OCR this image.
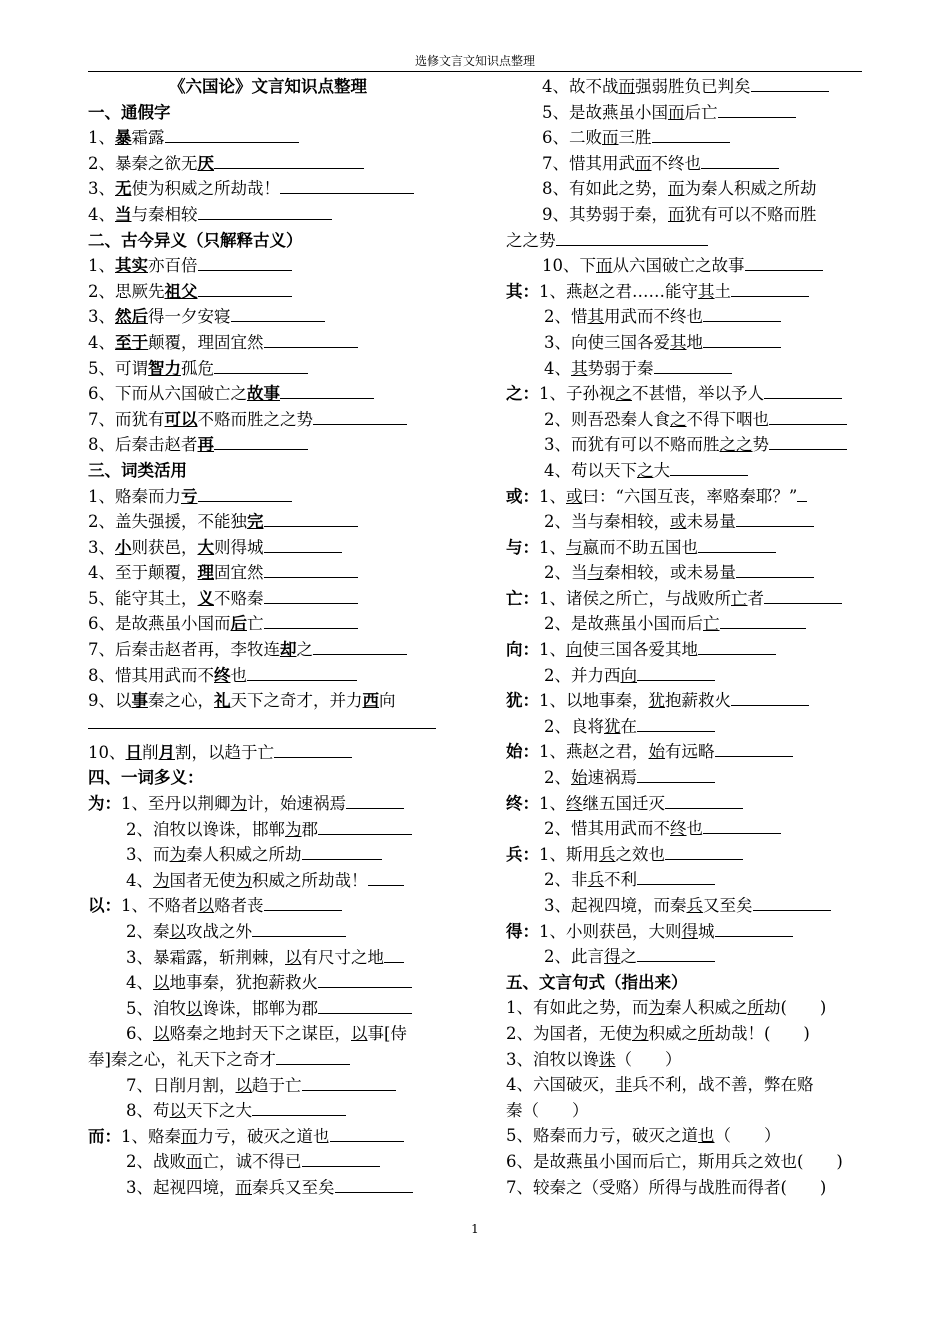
选修文言文知识点整理
《六国论》文言知识点整理
一、通假字
1、暴霜露
2、暴秦之欲无厌
3、无使为积威之所劫哉！
4、当与秦相较
二、古今异义（只解释古义）
1、其实亦百倍
2、思厥先祖父
3、然后得一夕安寝
4、至于颠覆，理固宜然
5、可谓智力孤危
6、下而从六国破亡之故事
7、而犹有可以不赂而胜之之势
8、后秦击赵者再
三、词类活用
1、赂秦而力亏
2、盖失强援，不能独完
3、小则获邑，大则得城
4、至于颠覆，理固宜然
5、能守其土，义不赂秦
6、是故燕虽小国而后亡
7、后秦击赵者再，李牧连却之
8、惜其用武而不终也
9、以事秦之心，礼天下之奇才，并力西向
10、日削月割，以趋于亡
四、一词多义：
为：1、至丹以荆卿为计，始速祸焉
2、洎牧以谗诛，邯郸为郡
3、而为秦人积威之所劫
4、为国者无使为积威之所劫哉！
以：1、不赂者以赂者丧
2、秦以攻战之外
3、暴霜露，斩荆棘，以有尺寸之地
4、以地事秦，犹抱薪救火
5、洎牧以谗诛，邯郸为郡
6、以赂秦之地封天下之谋臣，以事[侍
奉]秦之心，礼天下之奇才
7、日削月割，以趋于亡
8、苟以天下之大
而：1、赂秦而力亏，破灭之道也
2、战败而亡，诚不得已
3、起视四境，而秦兵又至矣
4、故不战而强弱胜负已判矣
5、是故燕虽小国而后亡
6、二败而三胜
7、惜其用武而不终也
8、有如此之势，而为秦人积威之所劫
9、其势弱于秦，而犹有可以不赂而胜
之之势
10、下而从六国破亡之故事
其：1、燕赵之君……能守其土
2、惜其用武而不终也
3、向使三国各爱其地
4、其势弱于秦
之：1、子孙视之不甚惜，举以予人
2、则吾恐秦人食之不得下咽也
3、而犹有可以不赂而胜之之势
4、苟以天下之大
或：1、或曰：“六国互丧，率赂秦耶？”
2、当与秦相较，或未易量
与：1、与嬴而不助五国也
2、当与秦相较，或未易量
亡：1、诸侯之所亡，与战败所亡者
2、是故燕虽小国而后亡
向：1、向使三国各爱其地
2、并力西向
犹：1、以地事秦，犹抱薪救火
2、良将犹在
始：1、燕赵之君，始有远略
2、始速祸焉
终：1、终继五国迁灭
2、惜其用武而不终也
兵：1、斯用兵之效也
2、非兵不利
3、起视四境，而秦兵又至矣
得：1、小则获邑，大则得城
2、此言得之
五、文言句式（指出来）
1、有如此之势，而为秦人积威之所劫(　　)
2、为国者，无使为积威之所劫哉！(　　)
3、洎牧以谗诛（　　）
4、六国破灭，非兵不利，战不善，弊在赂
秦（　　）
5、赂秦而力亏，破灭之道也（　　）
6、是故燕虽小国而后亡，斯用兵之效也(　　)
7、较秦之（受赂）所得与战胜而得者(　　)
1
